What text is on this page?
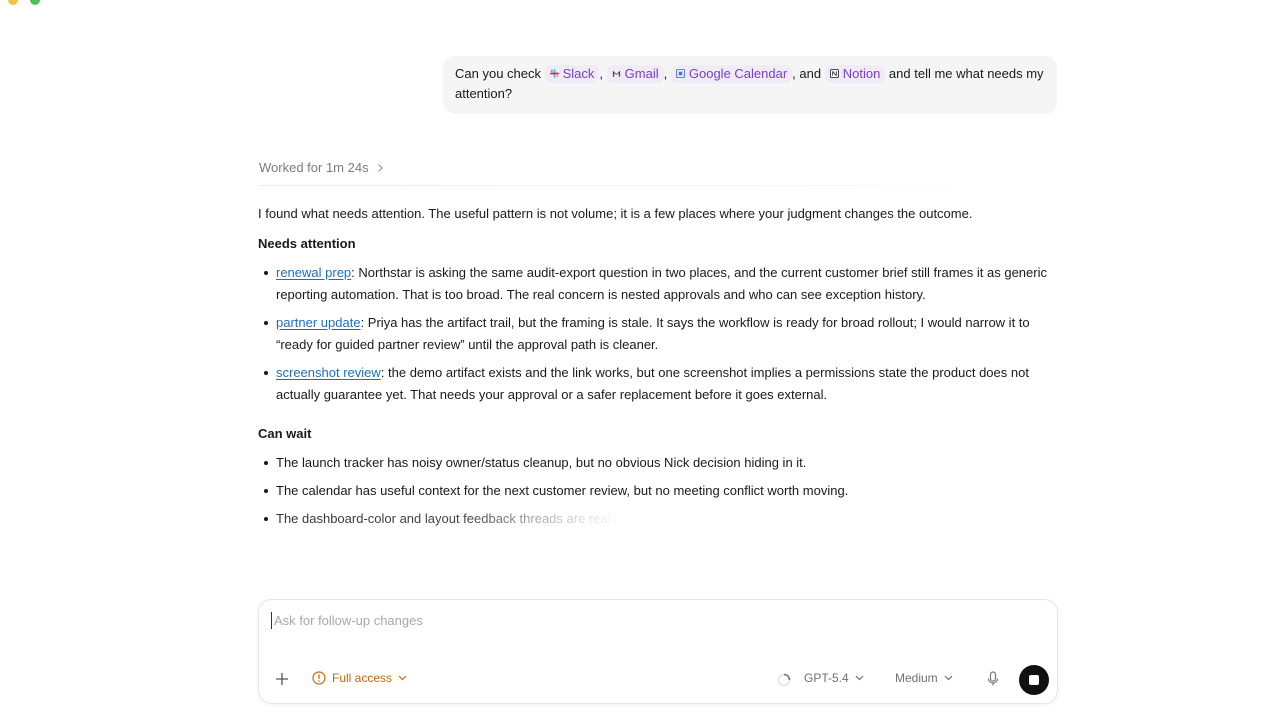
Can you check Slack , Gmail , Google Calendar , and Notion and tell me what needs my attention?
Worked for 1m 24s

I found what needs attention. The useful pattern is not volume; it is a few places where your judgment changes the outcome.

Needs attention
renewal prep: Northstar is asking the same audit-export question in two places, and the current customer brief still frames it as generic reporting automation. That is too broad. The real concern is nested approvals and who can see exception history.
partner update: Priya has the artifact trail, but the framing is stale. It says the workflow is ready for broad rollout; I would narrow it to “ready for guided partner review” until the approval path is cleaner.
screenshot review: the demo artifact exists and the link works, but one screenshot implies a permissions state the product does not actually guarantee yet. That needs your approval or a safer replacement before it goes external.
Can wait
The launch tracker has noisy owner/status cleanup, but no obvious Nick decision hiding in it.
The calendar has useful context for the next customer review, but no meeting conflict worth moving.
The dashboard-color and layout feedback threads are real p
Ask for follow-up changes
Full access	GPT-5.4	Medium
